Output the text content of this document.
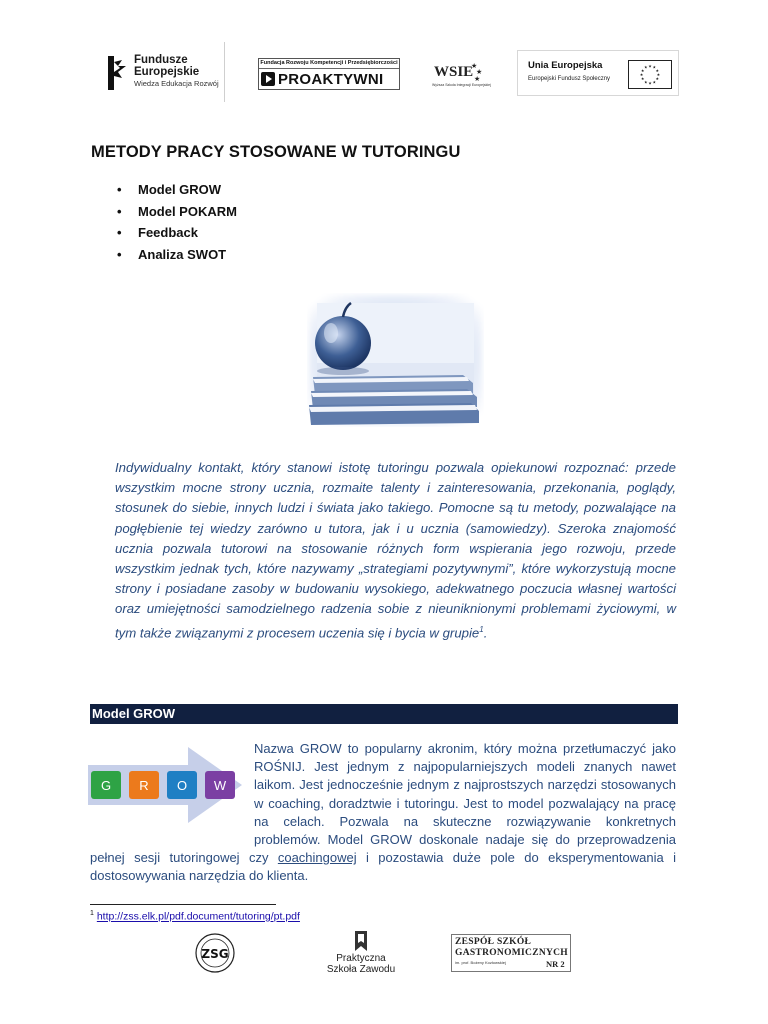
Fundusze
Europejskie
Wiedza Edukacja Rozwój
Fundacja Rozwoju Kompetencji i Przedsiębiorczości
PROAKTYWNI	WSIE
★
★
★
Wyższa Szkoła Integracji Europejskiej
Unia Europejska
Europejski Fundusz Społeczny
★ ★
★
★
★
★
★
★
★
★
★
★
METODY PRACY STOSOWANE W TUTORINGU
• Model GROW
• Model POKARM
• Feedback
• Analiza SWOT
Indywidualny kontakt, który stanowi istotę tutoringu pozwala opiekunowi rozpoznać: przede wszystkim mocne strony ucznia, rozmaite talenty i zainteresowania, przekonania, poglądy, stosunek do siebie, innych ludzi i świata jako takiego. Pomocne są tu metody, pozwalające na pogłębienie tej wiedzy zarówno u tutora, jak i u ucznia (samowiedzy). Szeroka znajomość ucznia pozwala tutorowi na stosowanie różnych form wspierania jego rozwoju, przede wszystkim jednak tych, które nazywamy „strategiami pozytywnymi”, które wykorzystują mocne strony i posiadane zasoby w budowaniu wysokiego, adekwatnego poczucia własnej wartości oraz umiejętności samodzielnego radzenia sobie z nieuniknionymi problemami życiowymi, w tym także związanymi z procesem uczenia się i bycia w grupie$^1$.
Model GROW
G R O W
Nazwa GROW to popularny akronim, który można przetłumaczyć jako ROŚNIJ. Jest jednym z najpopularniejszych modeli znanych nawet laikom. Jest jednocześnie jednym z najprostszych narzędzi stosowanych w coaching, doradztwie i tutoringu. Jest to model pozwalający na pracę na celach. Pozwala na skuteczne rozwiązywanie konkretnych problemów. Model GROW doskonale nadaje się do przeprowadzenia pełnej sesji tutoringowej czy coachingowej i pozostawia duże pole do eksperymentowania i dostosowywania narzędzia do klienta.
$^1$ http://zss.elk.pl/pdf.document/tutoring/pt.pdf
ZSG	Praktyczna
Szkoła Zawodu
ZESPÓŁ SZKÓŁ
GASTRONOMICZNYCH
im. prof. Bożeny Kozłowskiej	NR 2
